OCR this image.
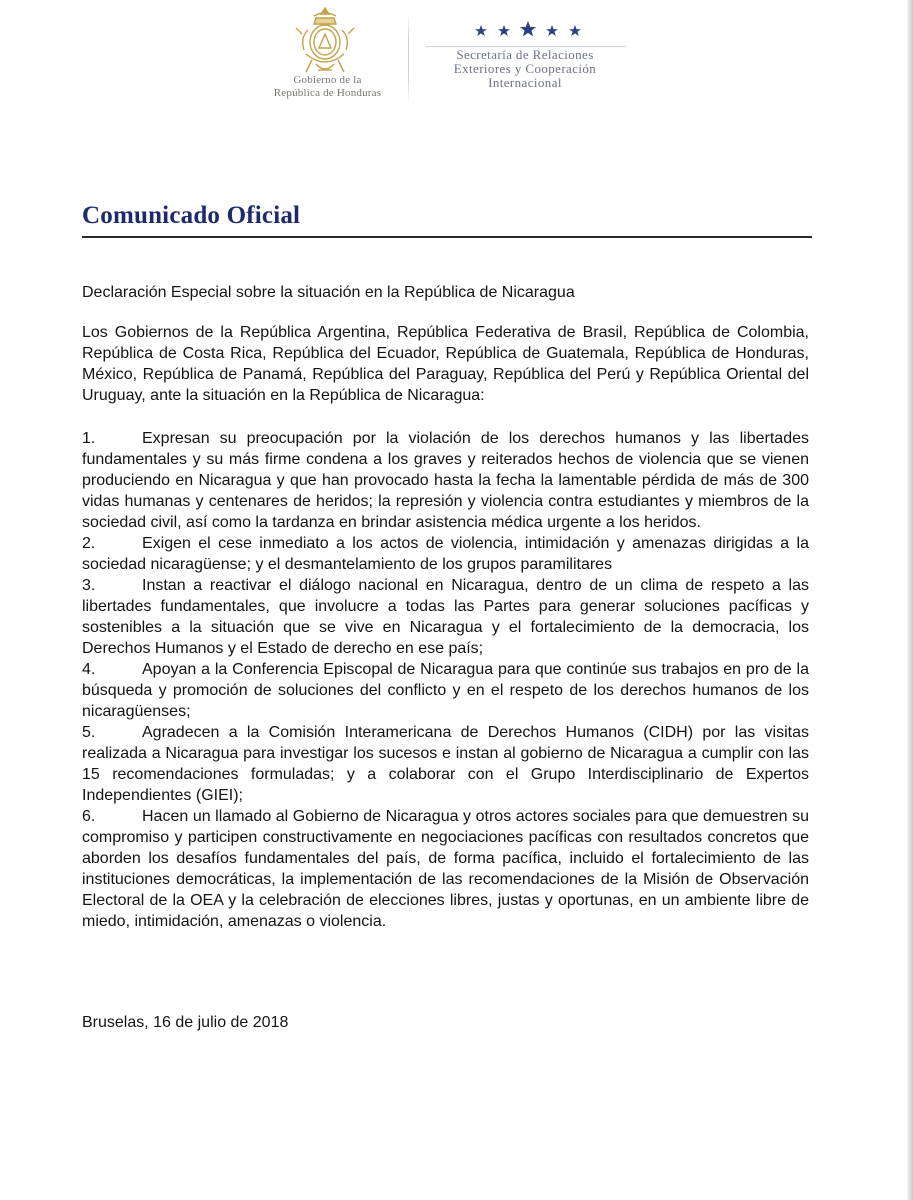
Gobierno de la
República de Honduras
Secretaría de Relaciones
Exteriores y Cooperación
Internacional
Comunicado Oficial
Declaración Especial sobre la situación en la República de Nicaragua

Los Gobiernos de la República Argentina, República Federativa de Brasil, República de Colombia, República de Costa Rica, República del Ecuador, República de Guatemala, República de Honduras, México, República de Panamá, República del Paraguay, República del Perú y República Oriental del Uruguay, ante la situación en la República de Nicaragua:

1.	Expresan su preocupación por la violación de los derechos humanos y las libertades fundamentales y su más firme condena a los graves y reiterados hechos de violencia que se vienen produciendo en Nicaragua y que han provocado hasta la fecha la lamentable pérdida de más de 300 vidas humanas y centenares de heridos; la represión y violencia contra estudiantes y miembros de la sociedad civil, así como la tardanza en brindar asistencia médica urgente a los heridos.

2.	Exigen el cese inmediato a los actos de violencia, intimidación y amenazas dirigidas a la sociedad nicaragüense; y el desmantelamiento de los grupos paramilitares

3.	Instan a reactivar el diálogo nacional en Nicaragua, dentro de un clima de respeto a las libertades fundamentales, que involucre a todas las Partes para generar soluciones pacíficas y sostenibles a la situación que se vive en Nicaragua y el fortalecimiento de la democracia, los Derechos Humanos y el Estado de derecho en ese país;

4.	Apoyan a la Conferencia Episcopal de Nicaragua para que continúe sus trabajos en pro de la búsqueda y promoción de soluciones del conflicto y en el respeto de los derechos humanos de los nicaragüenses;

5.	Agradecen a la Comisión Interamericana de Derechos Humanos (CIDH) por las visitas realizada a Nicaragua para investigar los sucesos e instan al gobierno de Nicaragua a cumplir con las 15 recomendaciones formuladas; y a colaborar con el Grupo Interdisciplinario de Expertos Independientes (GIEI);

6.	Hacen un llamado al Gobierno de Nicaragua y otros actores sociales para que demuestren su compromiso y participen constructivamente en negociaciones pacíficas con resultados concretos que aborden los desafíos fundamentales del país, de forma pacífica, incluido el fortalecimiento de las instituciones democráticas, la implementación de las recomendaciones de la Misión de Observación Electoral de la OEA y la celebración de elecciones libres, justas y oportunas, en un ambiente libre de miedo, intimidación, amenazas o violencia.

Bruselas, 16 de julio de 2018
